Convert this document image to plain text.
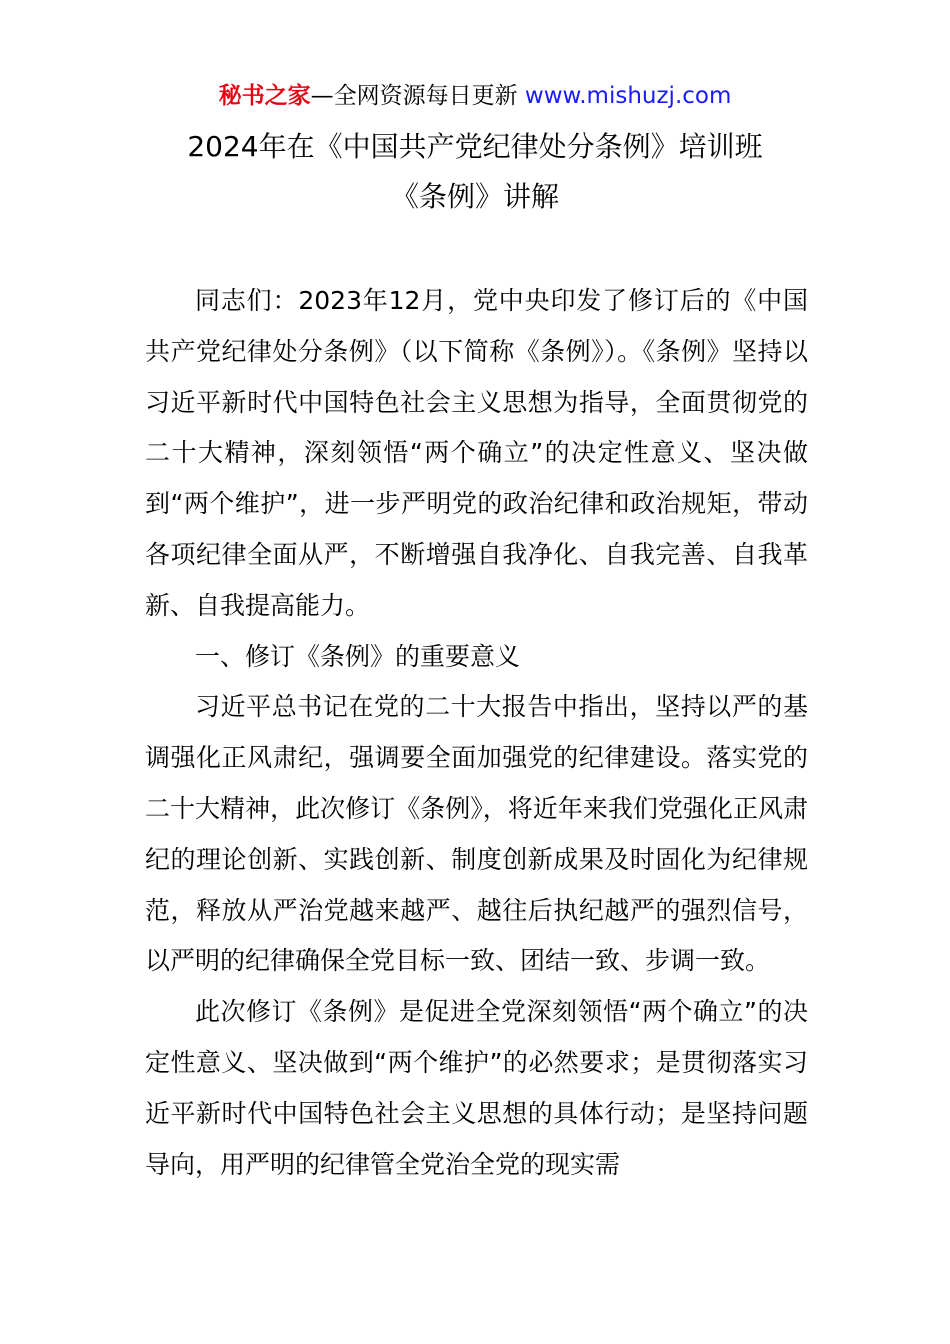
秘书之家—全网资源每日更新 www.mishuzj.com
2024年在《中国共产党纪律处分条例》培训班
《条例》讲解

同志们：2023年12月，党中央印发了修订后的《中国共产党纪律处分条例》（以下简称《条例》）。《条例》坚持以习近平新时代中国特色社会主义思想为指导，全面贯彻党的二十大精神，深刻领悟“两个确立”的决定性意义、坚决做到“两个维护”，进一步严明党的政治纪律和政治规矩，带动各项纪律全面从严，不断增强自我净化、自我完善、自我革新、自我提高能力。

一、修订《条例》的重要意义

习近平总书记在党的二十大报告中指出，坚持以严的基调强化正风肃纪，强调要全面加强党的纪律建设。落实党的二十大精神，此次修订《条例》，将近年来我们党强化正风肃纪的理论创新、实践创新、制度创新成果及时固化为纪律规范，释放从严治党越来越严、越往后执纪越严的强烈信号，以严明的纪律确保全党目标一致、团结一致、步调一致。

此次修订《条例》是促进全党深刻领悟“两个确立”的决定性意义、坚决做到“两个维护”的必然要求；是贯彻落实习近平新时代中国特色社会主义思想的具体行动；是坚持问题导向，用严明的纪律管全党治全党的现实需
